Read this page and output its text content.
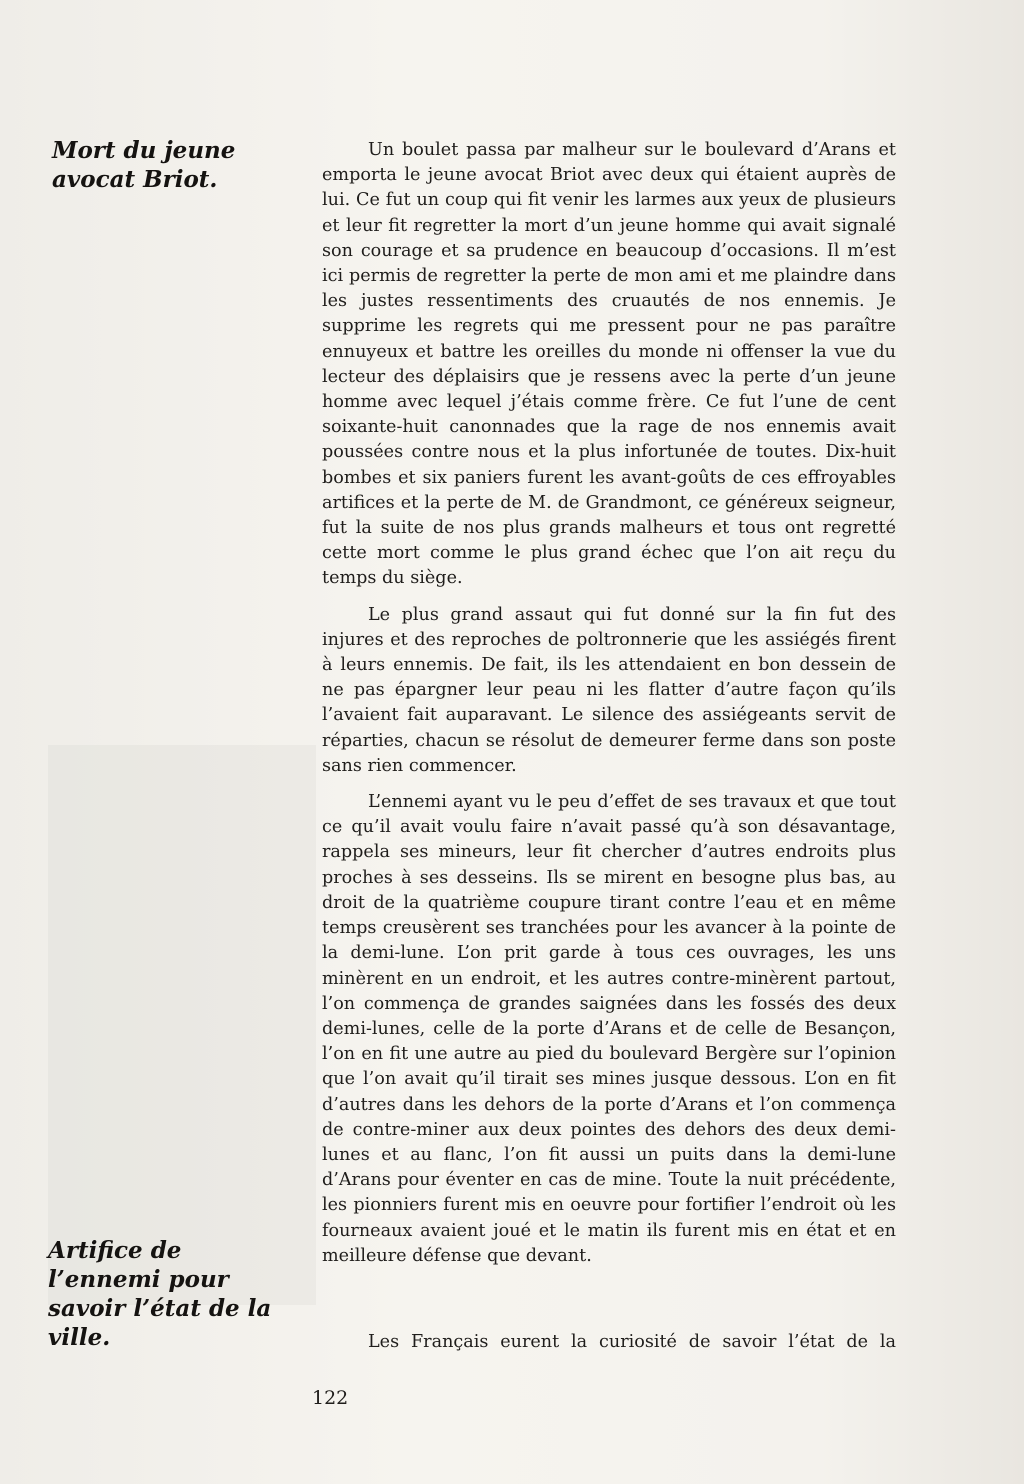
Mort du jeune avocat Briot.
Artifice de l’ennemi pour savoir l’état de la ville.

Un boulet passa par malheur sur le boulevard d’Arans et emporta le jeune avocat Briot avec deux qui étaient auprès de lui. Ce fut un coup qui fit venir les larmes aux yeux de plusieurs et leur fit regretter la mort d’un jeune homme qui avait signalé son courage et sa prudence en beaucoup d’occasions. Il m’est ici permis de regretter la perte de mon ami et me plaindre dans les justes ressentiments des cruautés de nos ennemis. Je supprime les regrets qui me pressent pour ne pas paraître ennuyeux et battre les oreilles du monde ni offenser la vue du lecteur des déplaisirs que je ressens avec la perte d’un jeune homme avec lequel j’étais comme frère. Ce fut l’une de cent soixante-huit canonnades que la rage de nos ennemis avait poussées contre nous et la plus infortunée de toutes. Dix-huit bombes et six paniers furent les avant-goûts de ces effroyables artifices et la perte de M. de Grandmont, ce généreux seigneur, fut la suite de nos plus grands malheurs et tous ont regretté cette mort comme le plus grand échec que l’on ait reçu du temps du siège.

Le plus grand assaut qui fut donné sur la fin fut des injures et des reproches de poltronnerie que les assiégés firent à leurs ennemis. De fait, ils les attendaient en bon dessein de ne pas épargner leur peau ni les flatter d’autre façon qu’ils l’avaient fait auparavant. Le silence des assiégeants servit de réparties, chacun se résolut de demeurer ferme dans son poste sans rien commencer.

L’ennemi ayant vu le peu d’effet de ses travaux et que tout ce qu’il avait voulu faire n’avait passé qu’à son désavantage, rappela ses mineurs, leur fit chercher d’autres endroits plus proches à ses desseins. Ils se mirent en besogne plus bas, au droit de la quatrième coupure tirant contre l’eau et en même temps creusèrent ses tranchées pour les avancer à la pointe de la demi-lune. L’on prit garde à tous ces ouvrages, les uns minèrent en un endroit, et les autres contre-minèrent partout, l’on commença de grandes saignées dans les fossés des deux demi-lunes, celle de la porte d’Arans et de celle de Besançon, l’on en fit une autre au pied du boulevard Bergère sur l’opinion que l’on avait qu’il tirait ses mines jusque dessous. L’on en fit d’autres dans les dehors de la porte d’Arans et l’on commença de contre-miner aux deux pointes des dehors des deux demi-lunes et au flanc, l’on fit aussi un puits dans la demi-lune d’Arans pour éventer en cas de mine. Toute la nuit précédente, les pionniers furent mis en oeuvre pour fortifier l’endroit où les fourneaux avaient joué et le matin ils furent mis en état et en meilleure défense que devant.

Les Français eurent la curiosité de savoir l’état de la

122
